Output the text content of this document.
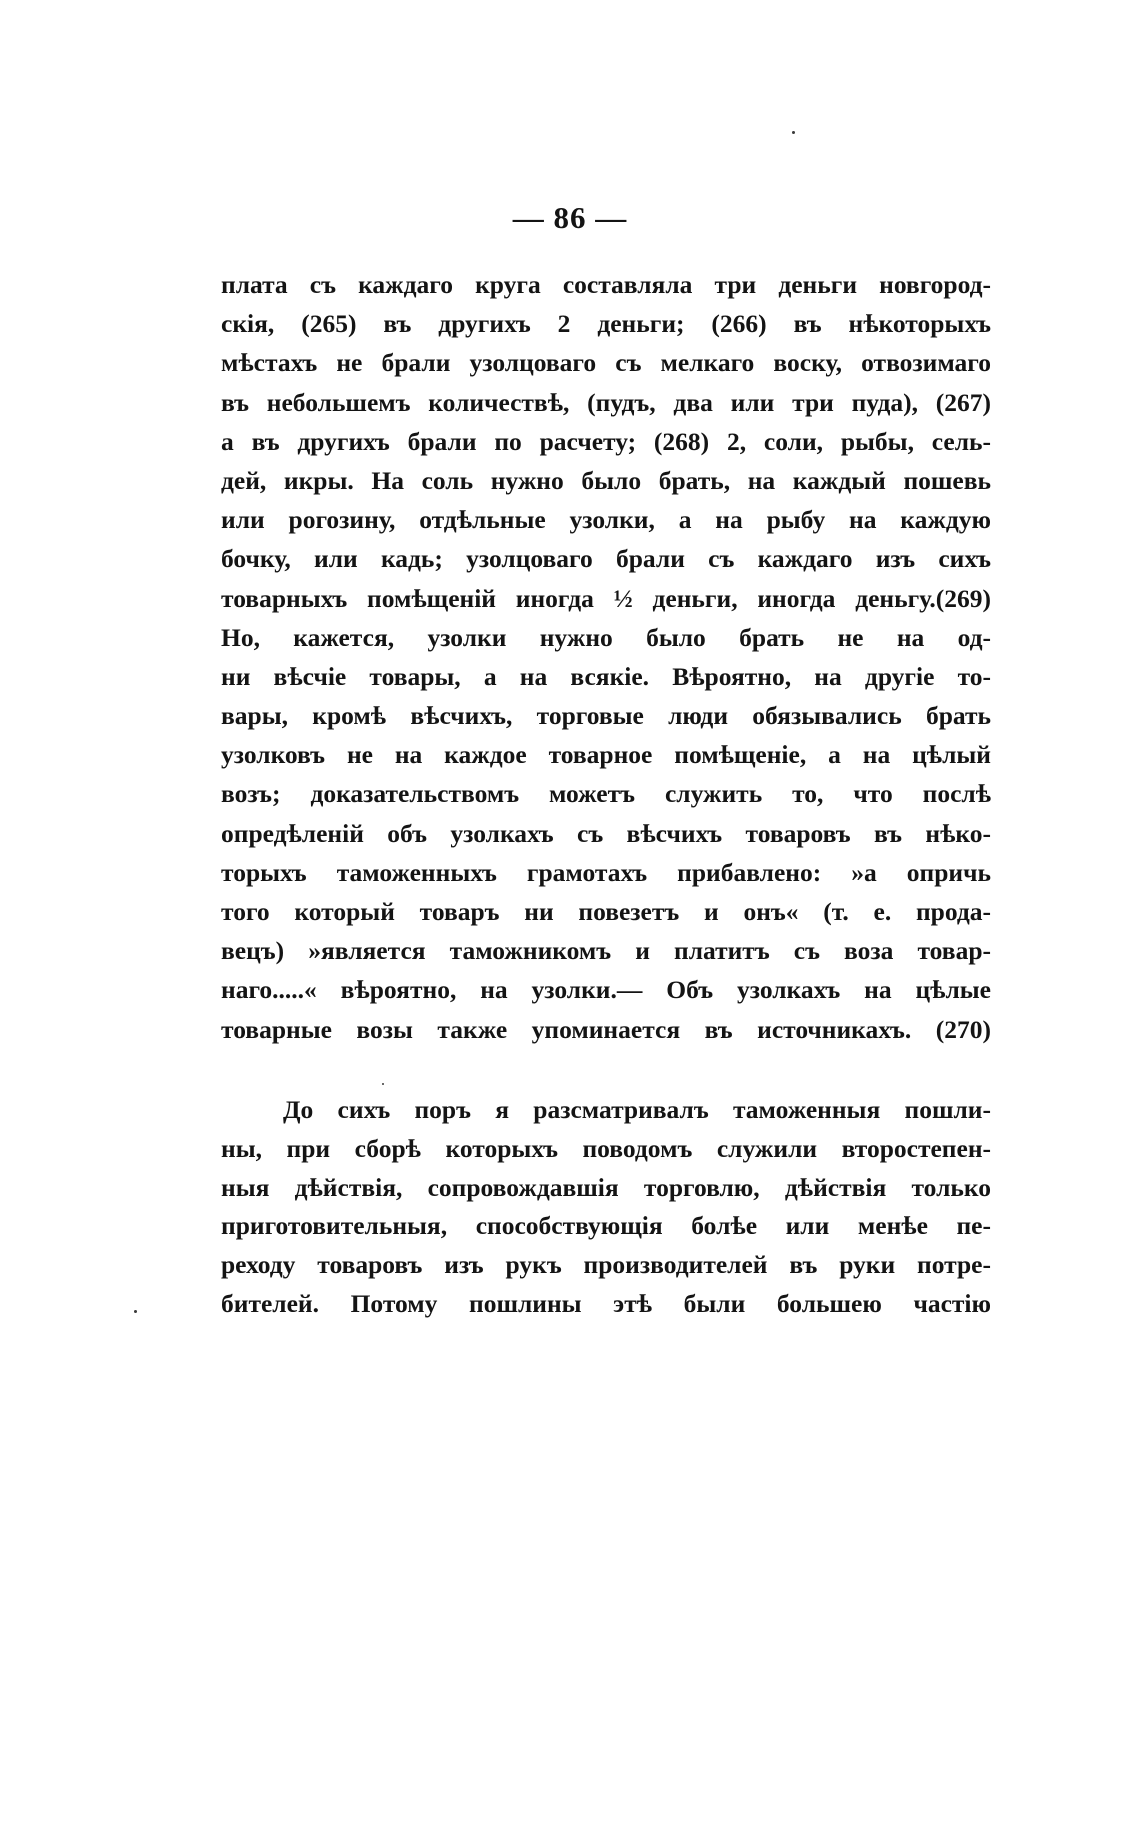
— 86 —
плата съ каждаго круга составляла три деньги новгород-
скія, (265) въ другихъ 2 деньги; (266) въ нѣкоторыхъ
мѣстахъ не брали узолцоваго съ мелкаго воску, отвозимаго
въ небольшемъ количествѣ, (пудъ, два или три пуда), (267)
а въ другихъ брали по расчету; (268) 2, соли, рыбы, сель-
дей, икры. На соль нужно было брать, на каждый пошевь
или рогозину, отдѣльные узолки, а на рыбу на каждую
бочку, или кадь; узолцоваго брали съ каждаго изъ сихъ
товарныхъ помѣщеній иногда ½ деньги, иногда деньгу.(269)
Но, кажется, узолки нужно было брать не на од-
ни вѣсчіе товары, а на всякіе. Вѣроятно, на другіе то-
вары, кромѣ вѣсчихъ, торговые люди обязывались брать
узолковъ не на каждое товарное помѣщеніе, а на цѣлый
возъ; доказательствомъ можетъ служить то, что послѣ
опредѣленій объ узолкахъ съ вѣсчихъ товаровъ въ нѣко-
торыхъ таможенныхъ грамотахъ прибавлено: »а опричь
того который товаръ ни повезетъ и онъ« (т. е. прода-
вецъ) »является таможникомъ и платитъ съ воза товар-
наго.....« вѣроятно, на узолки.— Объ узолкахъ на цѣлые
товарные возы также упоминается въ источникахъ. (270)
До сихъ поръ я разсматривалъ таможенныя пошли-
ны, при сборѣ которыхъ поводомъ служили второстепен-
ныя дѣйствія, сопровождавшія торговлю, дѣйствія только
приготовительныя, способствующія болѣе или менѣе пе-
реходу товаровъ изъ рукъ производителей въ руки потре-
бителей. Потому пошлины этѣ были большею частію
